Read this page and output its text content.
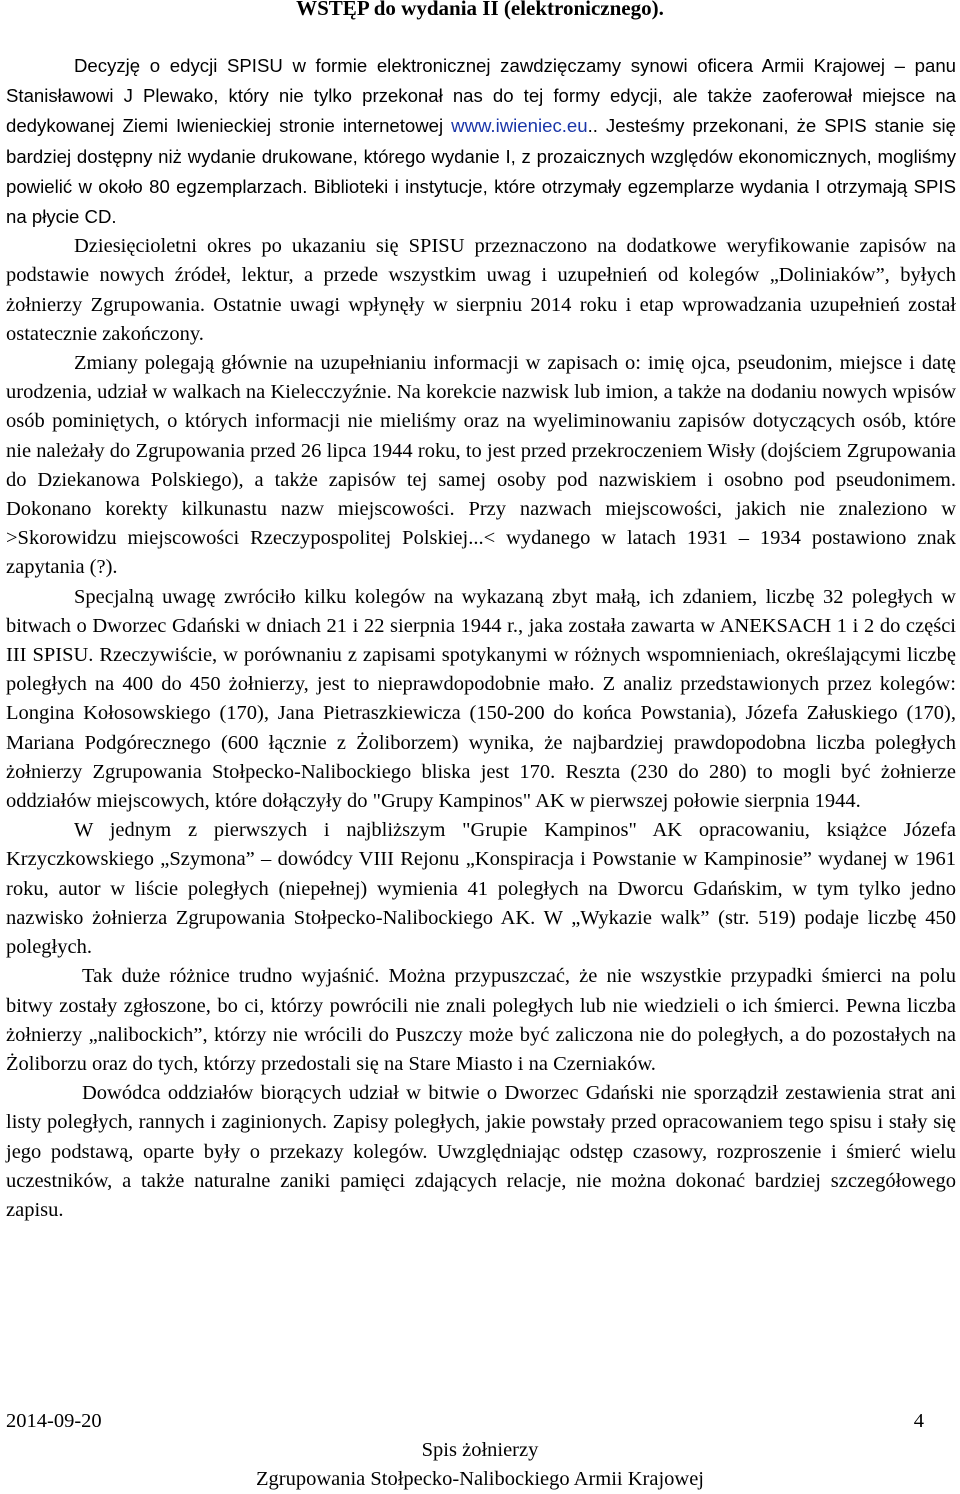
WSTĘP do wydania II (elektronicznego).

Decyzję o edycji SPISU w formie elektronicznej zawdzięczamy synowi oficera Armii Krajowej – panu Stanisławowi J Plewako, który nie tylko przekonał nas do tej formy edycji, ale także zaoferował miejsce na dedykowanej Ziemi Iwienieckiej stronie internetowej www.iwieniec.eu.. Jesteśmy przekonani, że SPIS stanie się bardziej dostępny niż wydanie drukowane, którego wydanie I, z prozaicznych względów ekonomicznych, mogliśmy powielić w około 80 egzemplarzach. Biblioteki i instytucje, które otrzymały egzemplarze wydania I otrzymają SPIS na płycie CD.

Dziesięcioletni okres po ukazaniu się SPISU przeznaczono na dodatkowe weryfikowanie zapisów na podstawie nowych źródeł, lektur, a przede wszystkim uwag i uzupełnień od kolegów „Doliniaków”, byłych żołnierzy Zgrupowania. Ostatnie uwagi wpłynęły w sierpniu 2014 roku i etap wprowadzania uzupełnień został ostatecznie zakończony.

Zmiany polegają głównie na uzupełnianiu informacji w zapisach o: imię ojca, pseudonim, miejsce i datę urodzenia, udział w walkach na Kielecczyźnie. Na korekcie nazwisk lub imion, a także na dodaniu nowych wpisów osób pominiętych, o których informacji nie mieliśmy oraz na wyeliminowaniu zapisów dotyczących osób, które nie należały do Zgrupowania przed 26 lipca 1944 roku, to jest przed przekroczeniem Wisły (dojściem Zgrupowania do Dziekanowa Polskiego), a także zapisów tej samej osoby pod nazwiskiem i osobno pod pseudonimem. Dokonano korekty kilkunastu nazw miejscowości. Przy nazwach miejscowości, jakich nie znaleziono w >Skorowidzu miejscowości Rzeczypospolitej Polskiej...< wydanego w latach 1931 – 1934 postawiono znak zapytania (?).

Specjalną uwagę zwróciło kilku kolegów na wykazaną zbyt małą, ich zdaniem, liczbę 32 poległych w bitwach o Dworzec Gdański w dniach 21 i 22 sierpnia 1944 r., jaka została zawarta w ANEKSACH 1 i 2 do części III SPISU. Rzeczywiście, w porównaniu z zapisami spotykanymi w różnych wspomnieniach, określającymi liczbę poległych na 400 do 450 żołnierzy, jest to nieprawdopodobnie mało. Z analiz przedstawionych przez kolegów: Longina Kołosowskiego (170), Jana Pietraszkiewicza (150-200 do końca Powstania), Józefa Załuskiego (170), Mariana Podgórecznego (600 łącznie z Żoliborzem) wynika, że najbardziej prawdopodobna liczba poległych żołnierzy Zgrupowania Stołpecko-Nalibockiego bliska jest 170. Reszta (230 do 280) to mogli być żołnierze oddziałów miejscowych, które dołączyły do "Grupy Kampinos" AK w pierwszej połowie sierpnia 1944.

W jednym z pierwszych i najbliższym "Grupie Kampinos" AK opracowaniu, książce Józefa Krzyczkowskiego „Szymona” – dowódcy VIII Rejonu „Konspiracja i Powstanie w Kampinosie” wydanej w 1961 roku, autor w liście poległych (niepełnej) wymienia 41 poległych na Dworcu Gdańskim, w tym tylko jedno nazwisko żołnierza Zgrupowania Stołpecko-Nalibockiego AK. W „Wykazie walk” (str. 519) podaje liczbę 450 poległych.

Tak duże różnice trudno wyjaśnić. Można przypuszczać, że nie wszystkie przypadki śmierci na polu bitwy zostały zgłoszone, bo ci, którzy powrócili nie znali poległych lub nie wiedzieli o ich śmierci. Pewna liczba żołnierzy „nalibockich”, którzy nie wrócili do Puszczy może być zaliczona nie do poległych, a do pozostałych na Żoliborzu oraz do tych, którzy przedostali się na Stare Miasto i na Czerniaków.

Dowódca oddziałów biorących udział w bitwie o Dworzec Gdański nie sporządził zestawienia strat ani listy poległych, rannych i zaginionych. Zapisy poległych, jakie powstały przed opracowaniem tego spisu i stały się jego podstawą, oparte były o przekazy kolegów. Uwzględniając odstęp czasowy, rozproszenie i śmierć wielu uczestników, a także naturalne zaniki pamięci zdających relacje, nie można dokonać bardziej szczegółowego zapisu.

2014-09-20	4
Spis żołnierzy
Zgrupowania Stołpecko-Nalibockiego Armii Krajowej
